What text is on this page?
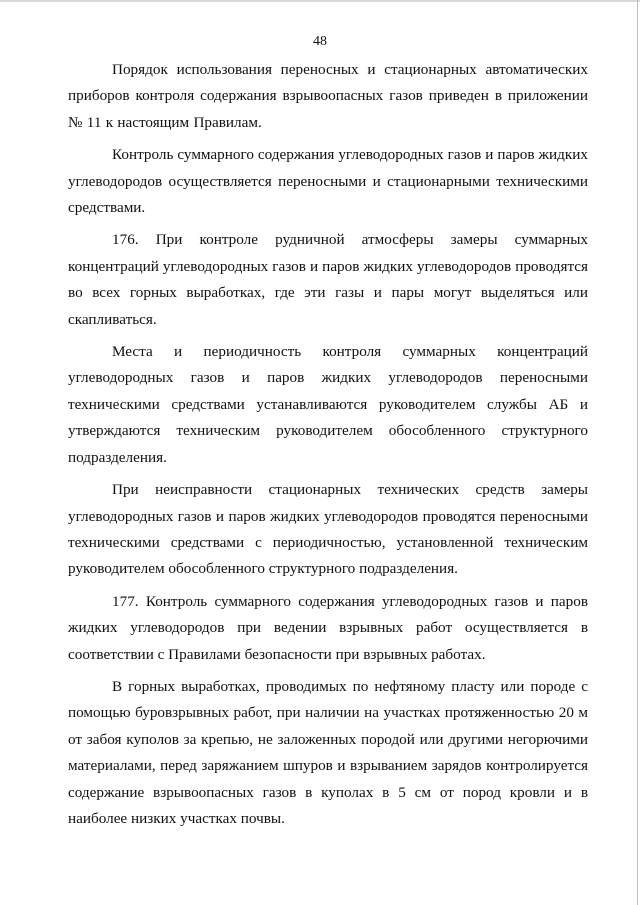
48

Порядок использования переносных и стационарных автоматических приборов контроля содержания взрывоопасных газов приведен в приложении № 11 к настоящим Правилам.

Контроль суммарного содержания углеводородных газов и паров жидких углеводородов осуществляется переносными и стационарными техническими средствами.

176. При контроле рудничной атмосферы замеры суммарных концентраций углеводородных газов и паров жидких углеводородов проводятся во всех горных выработках, где эти газы и пары могут выделяться или скапливаться.

Места и периодичность контроля суммарных концентраций углеводородных газов и паров жидких углеводородов переносными техническими средствами устанавливаются руководителем службы АБ и утверждаются техническим руководителем обособленного структурного подразделения.

При неисправности стационарных технических средств замеры углеводородных газов и паров жидких углеводородов проводятся переносными техническими средствами с периодичностью, установленной техническим руководителем обособленного структурного подразделения.

177. Контроль суммарного содержания углеводородных газов и паров жидких углеводородов при ведении взрывных работ осуществляется в соответствии с Правилами безопасности при взрывных работах.

В горных выработках, проводимых по нефтяному пласту или породе с помощью буровзрывных работ, при наличии на участках протяженностью 20 м от забоя куполов за крепью, не заложенных породой или другими негорючими материалами, перед заряжанием шпуров и взрыванием зарядов контролируется содержание взрывоопасных газов в куполах в 5 см от пород кровли и в наиболее низких участках почвы.
